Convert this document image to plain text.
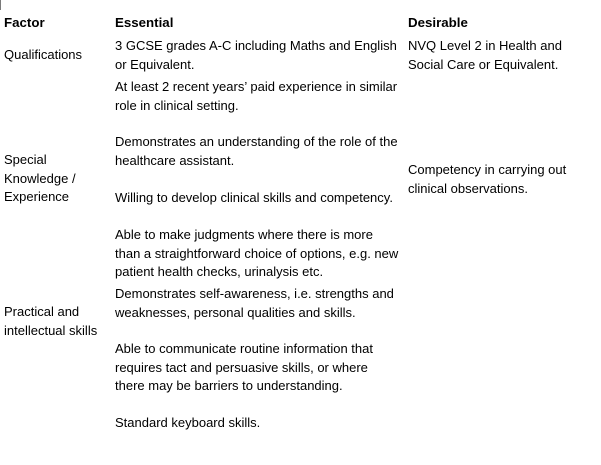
Factor	Essential	Desirable
Qualifications
3 GCSE grades A-C including Maths and English
or Equivalent.
At least 2 recent years’ paid experience in similar
role in clinical setting.
NVQ Level 2 in Health and
Social Care or Equivalent.
Special
Knowledge /
Experience
Demonstrates an understanding of the role of the
healthcare assistant.
Willing to develop clinical skills and competency.
Competency in carrying out
clinical observations.
Practical and
intellectual skills
Able to make judgments where there is more
than a straightforward choice of options, e.g. new
patient health checks, urinalysis etc.
Demonstrates self-awareness, i.e. strengths and
weaknesses, personal qualities and skills.
Able to communicate routine information that
requires tact and persuasive skills, or where
there may be barriers to understanding.
Standard keyboard skills.
